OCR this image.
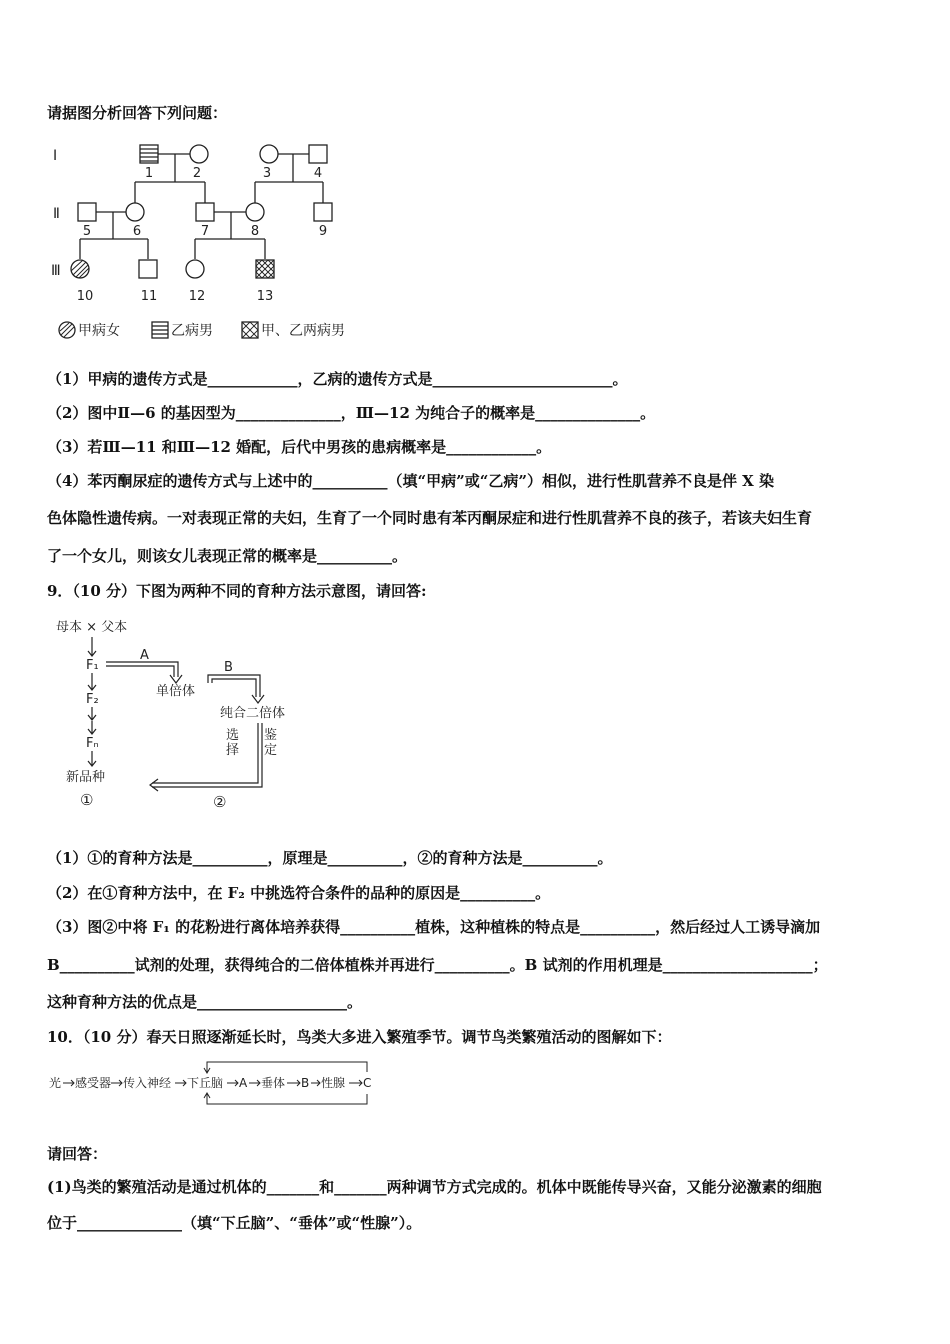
请据图分析回答下列问题：
Ⅰ
Ⅱ
Ⅲ
1	2	3	4
5	6	7	8	9
10	11 12	13
甲病女	乙病男	甲、乙两病男
（1）甲病的遗传方式是____________，乙病的遗传方式是________________________。
（2）图中Ⅱ—6 的基因型为______________，Ⅲ—12 为纯合子的概率是______________。
（3）若Ⅲ—11 和Ⅲ—12 婚配，后代中男孩的患病概率是____________。
（4）苯丙酮尿症的遗传方式与上述中的__________（填“甲病”或“乙病”）相似，进行性肌营养不良是伴 X 染
色体隐性遗传病。一对表现正常的夫妇，生育了一个同时患有苯丙酮尿症和进行性肌营养不良的孩子，若该夫妇生育
了一个女儿，则该女儿表现正常的概率是__________。
9．（10 分）下图为两种不同的育种方法示意图，请回答:
母本 × 父本
F₁
F₂
Fₙ
新品种
①
A
B
单倍体
纯合二倍体
选择
鉴定
②
（1）①的育种方法是__________，原理是__________，②的育种方法是__________。
（2）在①育种方法中，在 F₂ 中挑选符合条件的品种的原因是__________。
（3）图②中将 F₁ 的花粉进行离体培养获得__________植株，这种植株的特点是__________，然后经过人工诱导滴加
B__________试剂的处理，获得纯合的二倍体植株并再进行__________。B 试剂的作用机理是____________________；
这种育种方法的优点是____________________。
10．（10 分）春天日照逐渐延长时，鸟类大多进入繁殖季节。调节鸟类繁殖活动的图解如下：
光 感受器 传入神经 下丘脑 A 垂体 B 性腺 C
请回答：
(1)鸟类的繁殖活动是通过机体的_______和_______两种调节方式完成的。机体中既能传导兴奋，又能分泌激素的细胞
位于______________（填“下丘脑”、“垂体”或“性腺”）。
